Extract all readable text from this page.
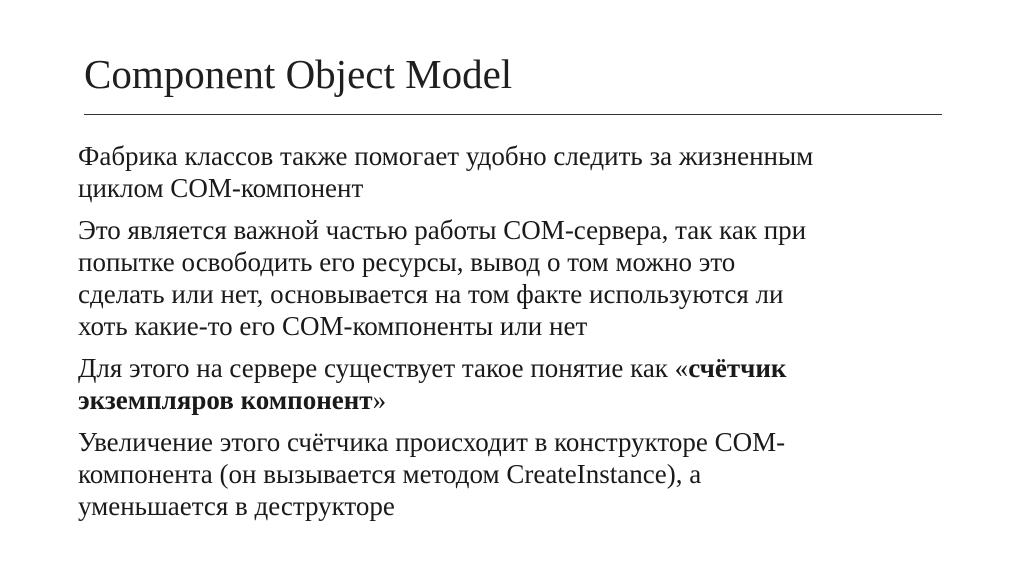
Component Object Model
Фабрика классов также помогает удобно следить за жизненным
циклом COM-компонент
Это является важной частью работы COM-сервера, так как при
попытке освободить его ресурсы, вывод о том можно это
сделать или нет, основывается на том факте используются ли
хоть какие-то его COM-компоненты или нет
Для этого на сервере существует такое понятие как «счётчик
экземпляров компонент»
Увеличение этого счётчика происходит в конструкторе COM-
компонента (он вызывается методом CreateInstance), а
уменьшается в деструкторе
